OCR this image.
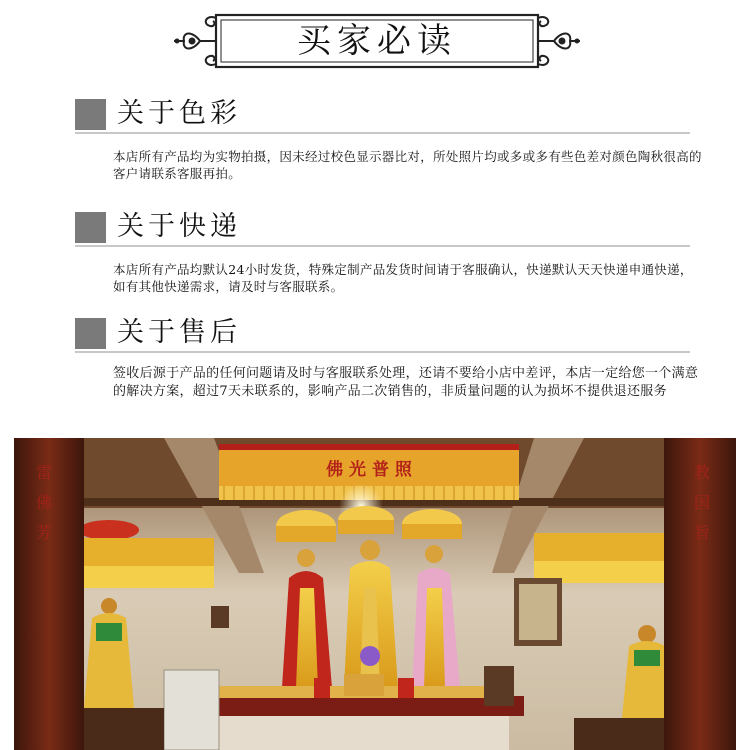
买家必读
关于色彩
本店所有产品均为实物拍摄，因未经过校色显示器比对，所处照片均或多或多有些色差对颜色陶秋很高的客户请联系客服再拍。
关于快递
本店所有产品均默认24小时发货，特殊定制产品发货时间请于客服确认，快递默认天天快递申通快递，如有其他快递需求，请及时与客服联系。
关于售后
签收后源于产品的任何问题请及时与客服联系处理，还请不要给小店中差评，本店一定给您一个满意的解决方案，超过7天未联系的，影响产品二次销售的，非质量问题的认为损坏不提供退还服务
佛 光 普 照
雷
佛
芳
教
国
旨
